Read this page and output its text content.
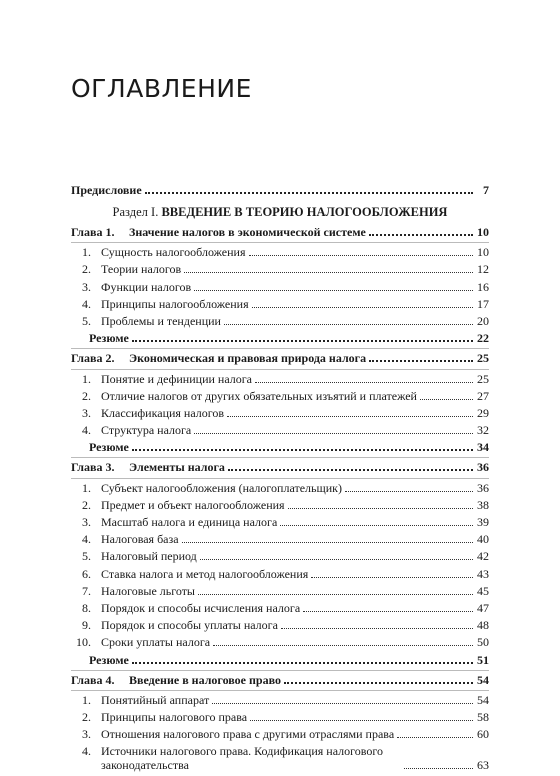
ОГЛАВЛЕНИЕ
Предисловие	7
Раздел I. ВВЕДЕНИЕ В ТЕОРИЮ НАЛОГООБЛОЖЕНИЯ
Глава 1. Значение налогов в экономической системе	10
1. Сущность налогообложения	10
2. Теории налогов	12
3. Функции налогов	16
4. Принципы налогообложения	17
5. Проблемы и тенденции	20
Резюме	22
Глава 2. Экономическая и правовая природа налога	25
1. Понятие и дефиниции налога	25
2. Отличие налогов от других обязательных изъятий и платежей	27
3. Классификация налогов	29
4. Структура налога	32
Резюме	34
Глава 3. Элементы налога	36
1. Субъект налогообложения (налогоплательщик)	36
2. Предмет и объект налогообложения	38
3. Масштаб налога и единица налога	39
4. Налоговая база	40
5. Налоговый период	42
6. Ставка налога и метод налогообложения	43
7. Налоговые льготы	45
8. Порядок и способы исчисления налога	47
9. Порядок и способы уплаты налога	48
10. Сроки уплаты налога	50
Резюме	51
Глава 4. Введение в налоговое право	54
1. Понятийный аппарат	54
2. Принципы налогового права	58
3. Отношения налогового права с другими отраслями права	60
4. Источники налогового права. Кодификация налогового законодательства	63
